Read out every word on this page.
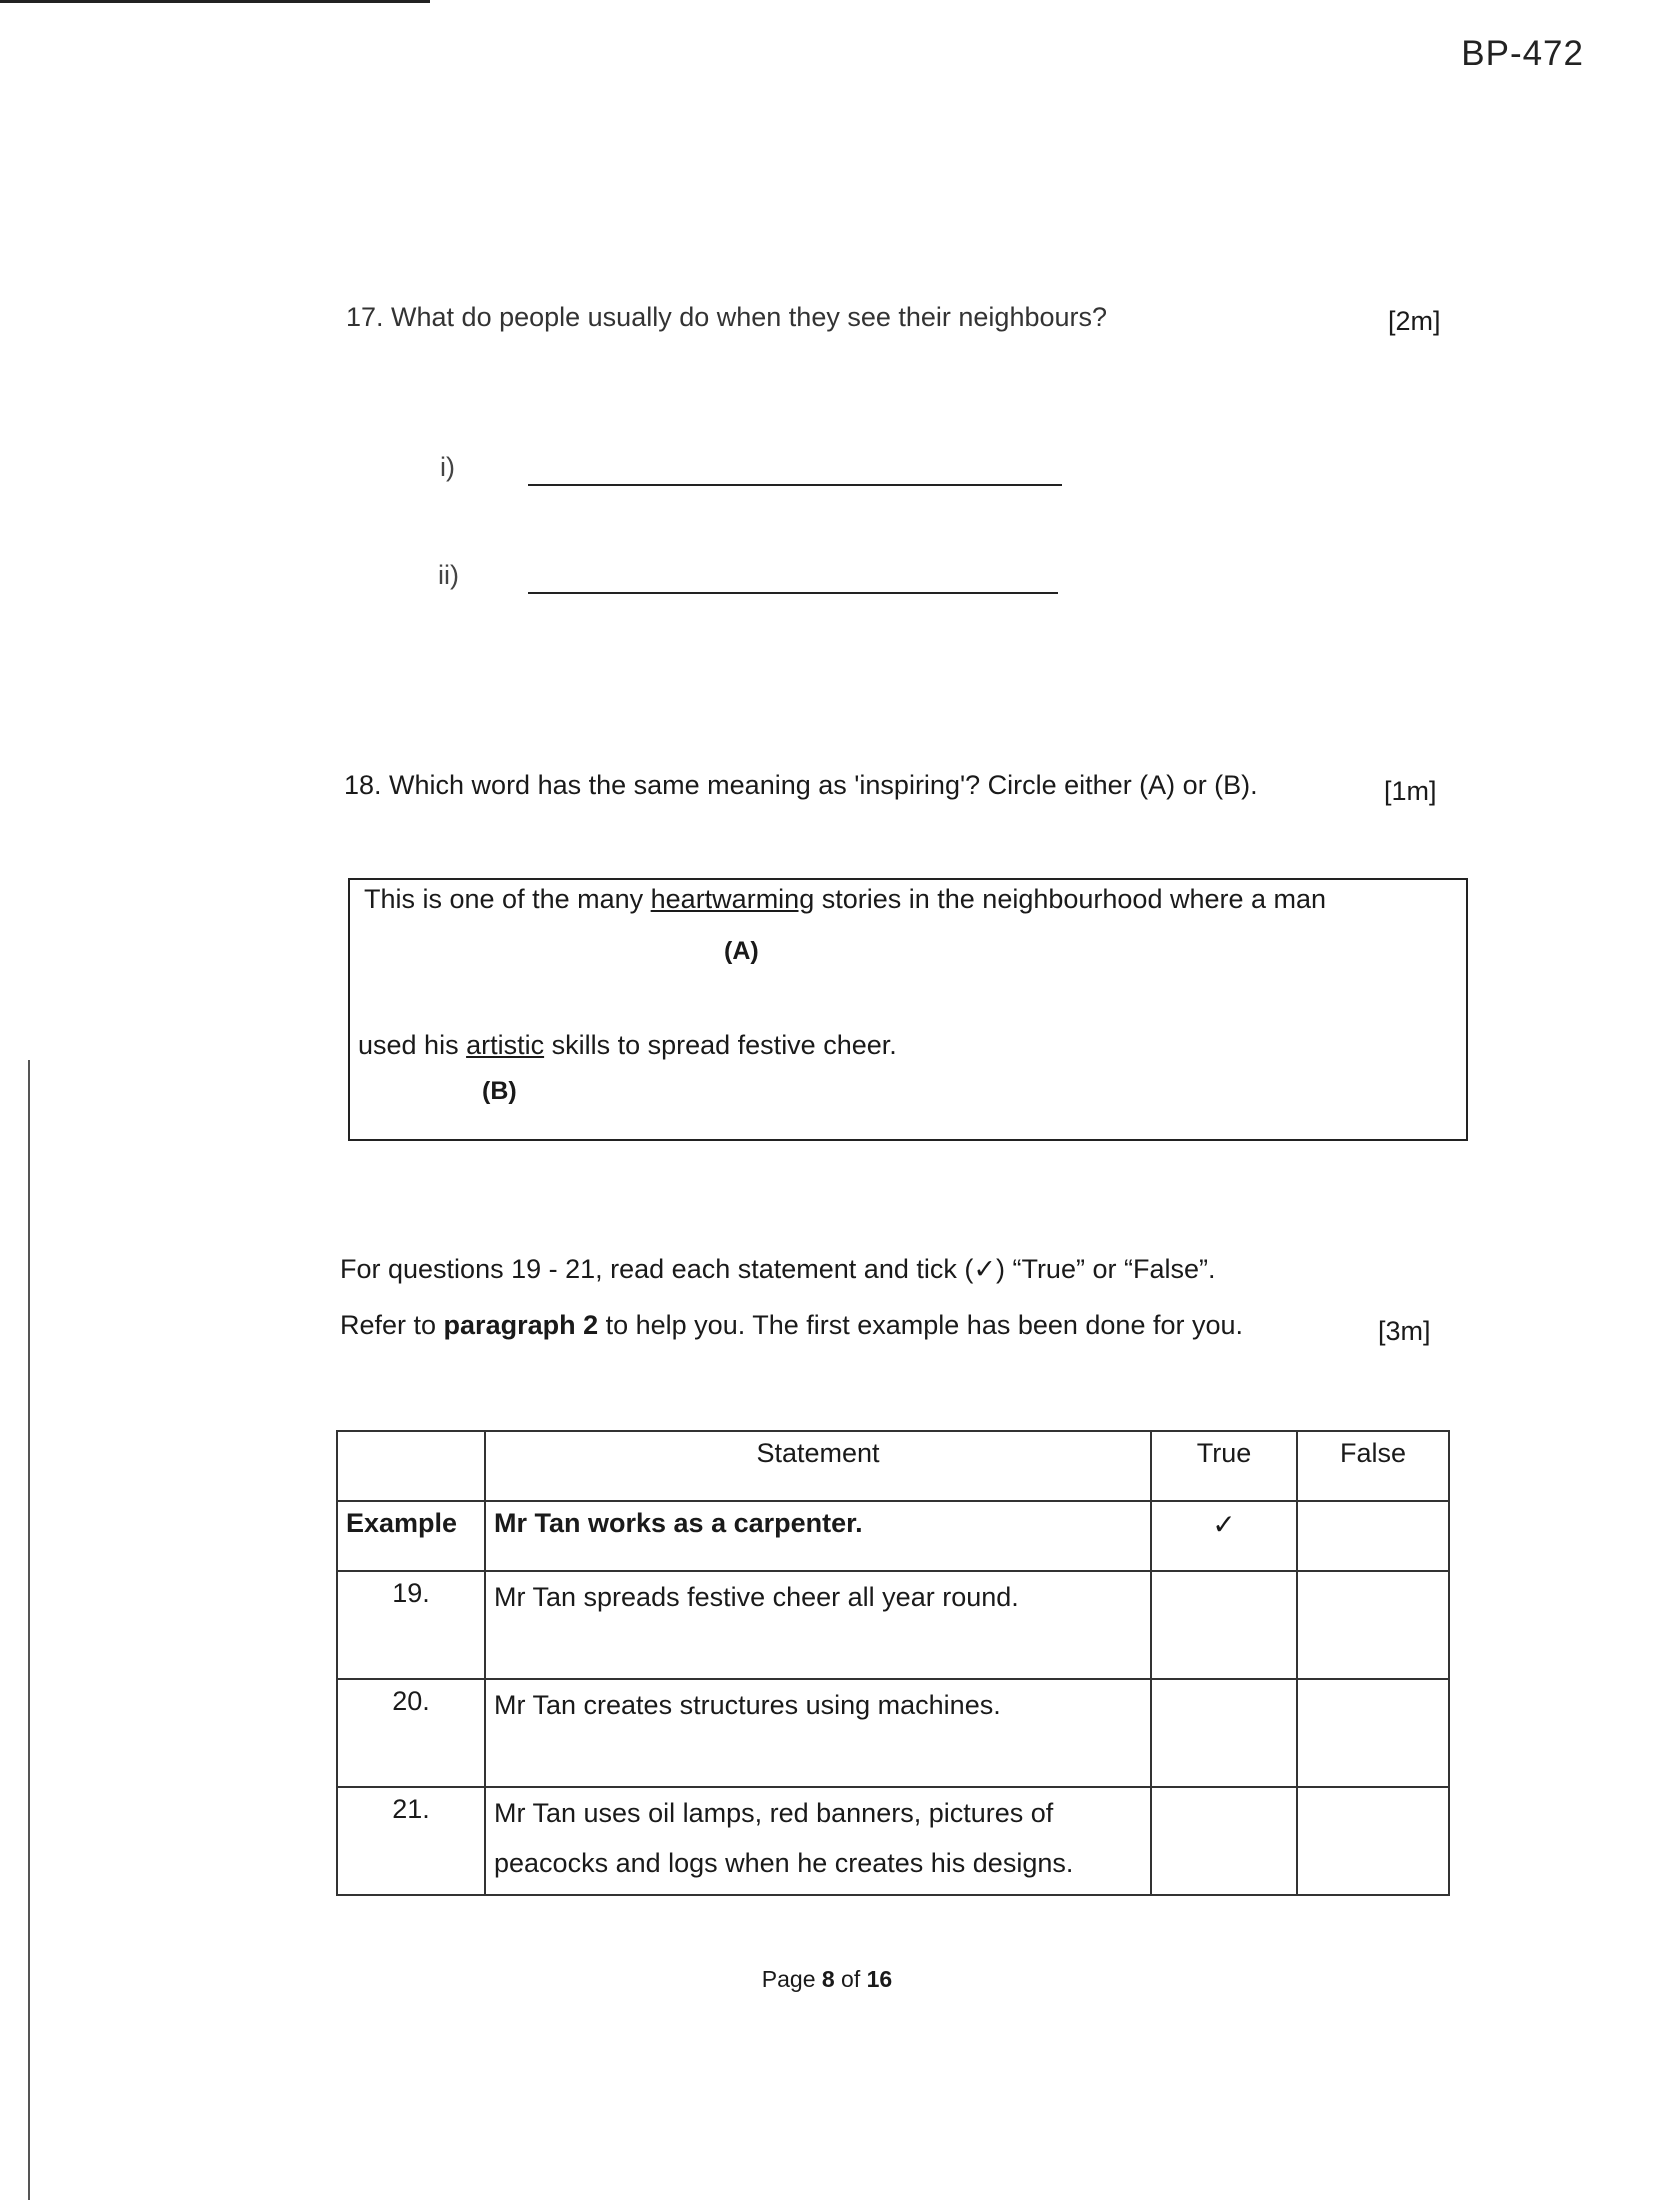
BP-472
17. What do people usually do when they see their neighbours?	[2m]
i)
ii)
18. Which word has the same meaning as 'inspiring'? Circle either (A) or (B).	[1m]
This is one of the many heartwarming stories in the neighbourhood where a man
(A)
used his artistic skills to spread festive cheer.
(B)
For questions 19 - 21, read each statement and tick (✓) “True” or “False”.
Refer to paragraph 2 to help you. The first example has been done for you.	[3m]
	Statement	True	False
Example	Mr Tan works as a carpenter.	✓	
19.	Mr Tan spreads festive cheer all year round.		
20.	Mr Tan creates structures using machines.		
21.	Mr Tan uses oil lamps, red banners, pictures of peacocks and logs when he creates his designs.		
Page 8 of 16
